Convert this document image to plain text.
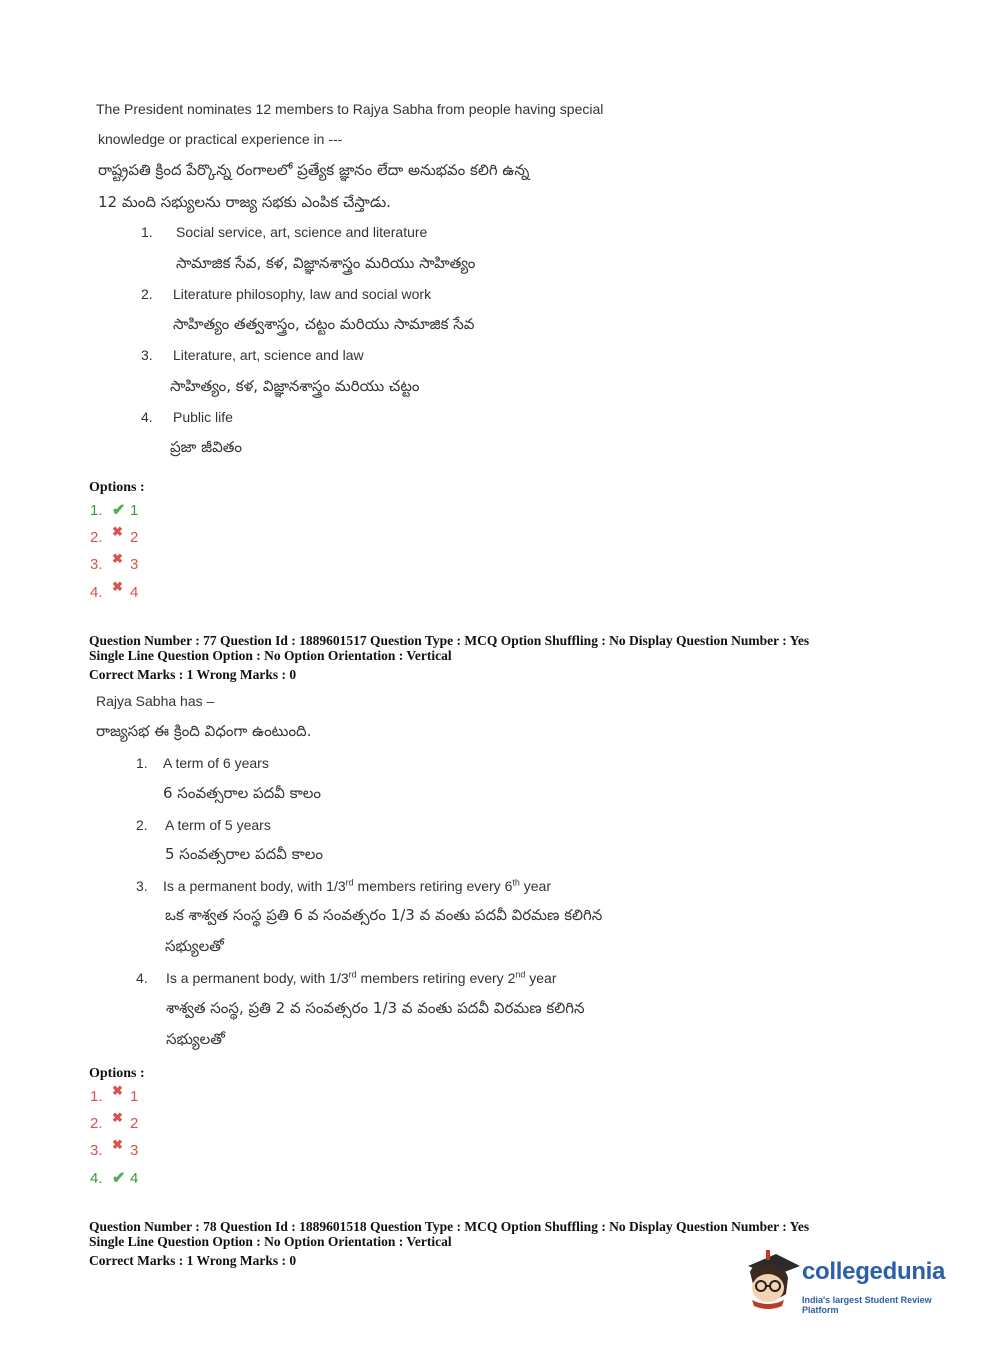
The President nominates 12 members to Rajya Sabha from people having special
knowledge or practical experience in ---
రాష్ట్రపతి క్రింద పేర్కొన్న రంగాలలో ప్రత్యేక జ్ఞానం లేదా అనుభవం కలిగి ఉన్న
12 మంది సభ్యులను రాజ్య సభకు ఎంపిక చేస్తాడు.
1. Social service, art, science and literature
సామాజిక సేవ, కళ, విజ్ఞానశాస్త్రం మరియు సాహిత్యం
2. Literature philosophy, law and social work
సాహిత్యం తత్వశాస్త్రం, చట్టం మరియు సామాజిక సేవ
3. Literature, art, science and law
సాహిత్యం, కళ, విజ్ఞానశాస్త్రం మరియు చట్టం
4. Public life
ప్రజా జీవితం
Options :
1. ✔ 1
2. ✖ 2
3. ✖ 3
4. ✖ 4
Question Number : 77 Question Id : 1889601517 Question Type : MCQ Option Shuffling : No Display Question Number : Yes
Single Line Question Option : No Option Orientation : Vertical
Correct Marks : 1 Wrong Marks : 0
Rajya Sabha has –
రాజ్యసభ ఈ క్రింది విధంగా ఉంటుంది.
1. A term of 6 years
6 సంవత్సరాల పదవీ కాలం
2. A term of 5 years
5 సంవత్సరాల పదవీ కాలం
3. Is a permanent body, with 1/3rd members retiring every 6th year
ఒక శాశ్వత సంస్థ ప్రతి 6 వ సంవత్సరం 1/3 వ వంతు పదవీ విరమణ కలిగిన
సభ్యులతో
4. Is a permanent body, with 1/3rd members retiring every 2nd year
శాశ్వత సంస్థ, ప్రతి 2 వ సంవత్సరం 1/3 వ వంతు పదవీ విరమణ కలిగిన
సభ్యులతో
Options :
1. ✖ 1
2. ✖ 2
3. ✖ 3
4. ✔ 4
Question Number : 78 Question Id : 1889601518 Question Type : MCQ Option Shuffling : No Display Question Number : Yes
Single Line Question Option : No Option Orientation : Vertical
Correct Marks : 1 Wrong Marks : 0	collegedunia
India's largest Student Review Platform
